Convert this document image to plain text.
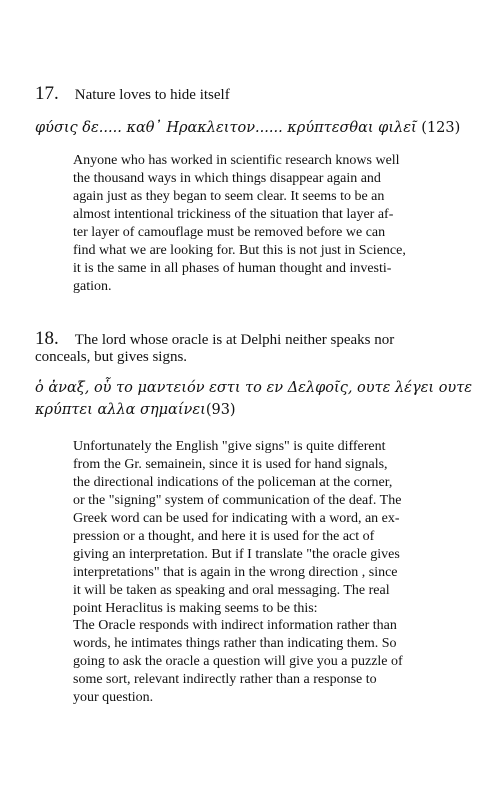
17. Nature loves to hide itself
φύσις δε..... καθ᾽ Ηρακλειτον...... κρύπτεσθαι φιλεῖ (123)
Anyone who has worked in scientific research knows well
the thousand ways in which things disappear again and
again just as they began to seem clear. It seems to be an
almost intentional trickiness of the situation that layer af-
ter layer of camouflage must be removed before we can
find what we are looking for. But this is not just in Science,
it is the same in all phases of human thought and investi-
gation.
18. The lord whose oracle is at Delphi neither speaks nor
conceals, but gives signs.
ὁ ἀναξ, οὗ το μαντειόν εστι το εν Δελφοῖς, ουτε λέγει ουτε
κρύπτει αλλα σημαίνει(93)
Unfortunately the English "give signs" is quite different
from the Gr. semainein, since it is used for hand signals,
the directional indications of the policeman at the corner,
or the "signing" system of communication of the deaf. The
Greek word can be used for indicating with a word, an ex-
pression or a thought, and here it is used for the act of
giving an interpretation. But if I translate "the oracle gives
interpretations" that is again in the wrong direction , since
it will be taken as speaking and oral messaging. The real
point Heraclitus is making seems to be this:
The Oracle responds with indirect information rather than
words, he intimates things rather than indicating them. So
going to ask the oracle a question will give you a puzzle of
some sort, relevant indirectly rather than a response to
your question.
